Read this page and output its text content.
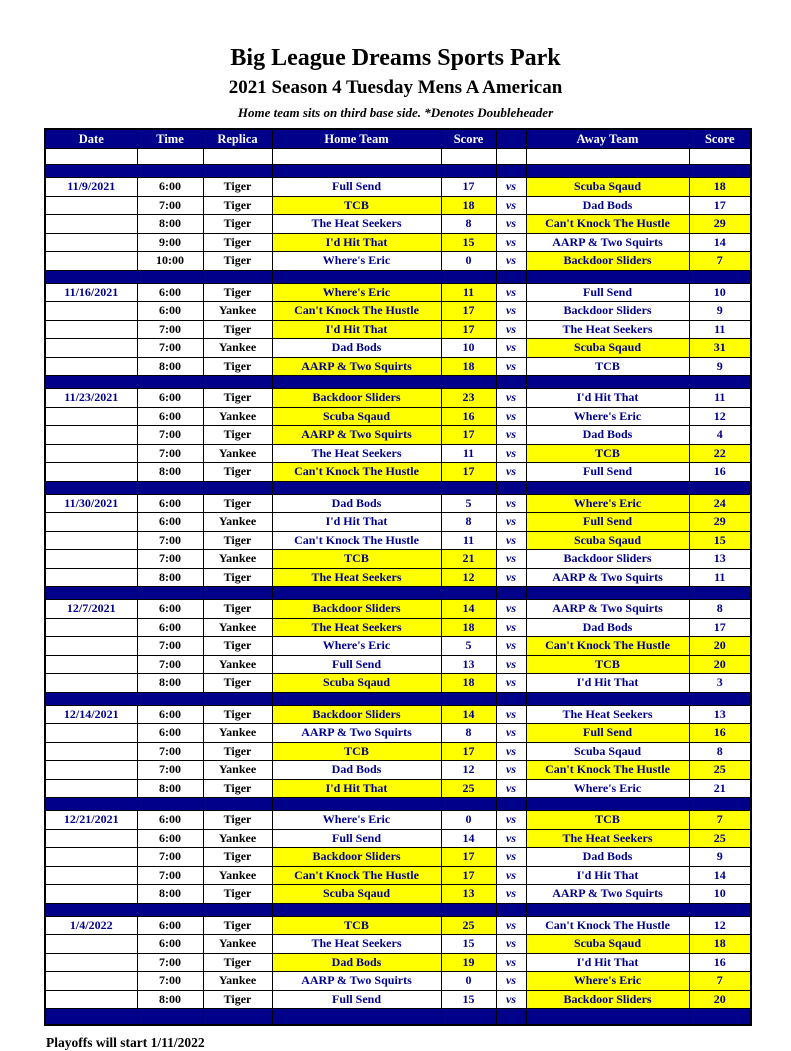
Big League Dreams Sports Park
2021 Season 4 Tuesday Mens A American
Home team sits on third base side. *Denotes Doubleheader
Date	Time	Replica	Home Team	Score		Away Team	Score

11/9/2021	6:00	Tiger	Full Send	17	vs	Scuba Sqaud	18
	7:00	Tiger	TCB	18	vs	Dad Bods	17
	8:00	Tiger	The Heat Seekers	8	vs	Can't Knock The Hustle	29
	9:00	Tiger	I'd Hit That	15	vs	AARP & Two Squirts	14
	10:00	Tiger	Where's Eric	0	vs	Backdoor Sliders	7

11/16/2021	6:00	Tiger	Where's Eric	11	vs	Full Send	10
	6:00	Yankee	Can't Knock The Hustle	17	vs	Backdoor Sliders	9
	7:00	Tiger	I'd Hit That	17	vs	The Heat Seekers	11
	7:00	Yankee	Dad Bods	10	vs	Scuba Sqaud	31
	8:00	Tiger	AARP & Two Squirts	18	vs	TCB	9

11/23/2021	6:00	Tiger	Backdoor Sliders	23	vs	I'd Hit That	11
	6:00	Yankee	Scuba Sqaud	16	vs	Where's Eric	12
	7:00	Tiger	AARP & Two Squirts	17	vs	Dad Bods	4
	7:00	Yankee	The Heat Seekers	11	vs	TCB	22
	8:00	Tiger	Can't Knock The Hustle	17	vs	Full Send	16

11/30/2021	6:00	Tiger	Dad Bods	5	vs	Where's Eric	24
	6:00	Yankee	I'd Hit That	8	vs	Full Send	29
	7:00	Tiger	Can't Knock The Hustle	11	vs	Scuba Sqaud	15
	7:00	Yankee	TCB	21	vs	Backdoor Sliders	13
	8:00	Tiger	The Heat Seekers	12	vs	AARP & Two Squirts	11

12/7/2021	6:00	Tiger	Backdoor Sliders	14	vs	AARP & Two Squirts	8
	6:00	Yankee	The Heat Seekers	18	vs	Dad Bods	17
	7:00	Tiger	Where's Eric	5	vs	Can't Knock The Hustle	20
	7:00	Yankee	Full Send	13	vs	TCB	20
	8:00	Tiger	Scuba Sqaud	18	vs	I'd Hit That	3

12/14/2021	6:00	Tiger	Backdoor Sliders	14	vs	The Heat Seekers	13
	6:00	Yankee	AARP & Two Squirts	8	vs	Full Send	16
	7:00	Tiger	TCB	17	vs	Scuba Sqaud	8
	7:00	Yankee	Dad Bods	12	vs	Can't Knock The Hustle	25
	8:00	Tiger	I'd Hit That	25	vs	Where's Eric	21

12/21/2021	6:00	Tiger	Where's Eric	0	vs	TCB	7
	6:00	Yankee	Full Send	14	vs	The Heat Seekers	25
	7:00	Tiger	Backdoor Sliders	17	vs	Dad Bods	9
	7:00	Yankee	Can't Knock The Hustle	17	vs	I'd Hit That	14
	8:00	Tiger	Scuba Sqaud	13	vs	AARP & Two Squirts	10

1/4/2022	6:00	Tiger	TCB	25	vs	Can't Knock The Hustle	12
	6:00	Yankee	The Heat Seekers	15	vs	Scuba Sqaud	18
	7:00	Tiger	Dad Bods	19	vs	I'd Hit That	16
	7:00	Yankee	AARP & Two Squirts	0	vs	Where's Eric	7
	8:00	Tiger	Full Send	15	vs	Backdoor Sliders	20

Playoffs will start 1/11/2022
